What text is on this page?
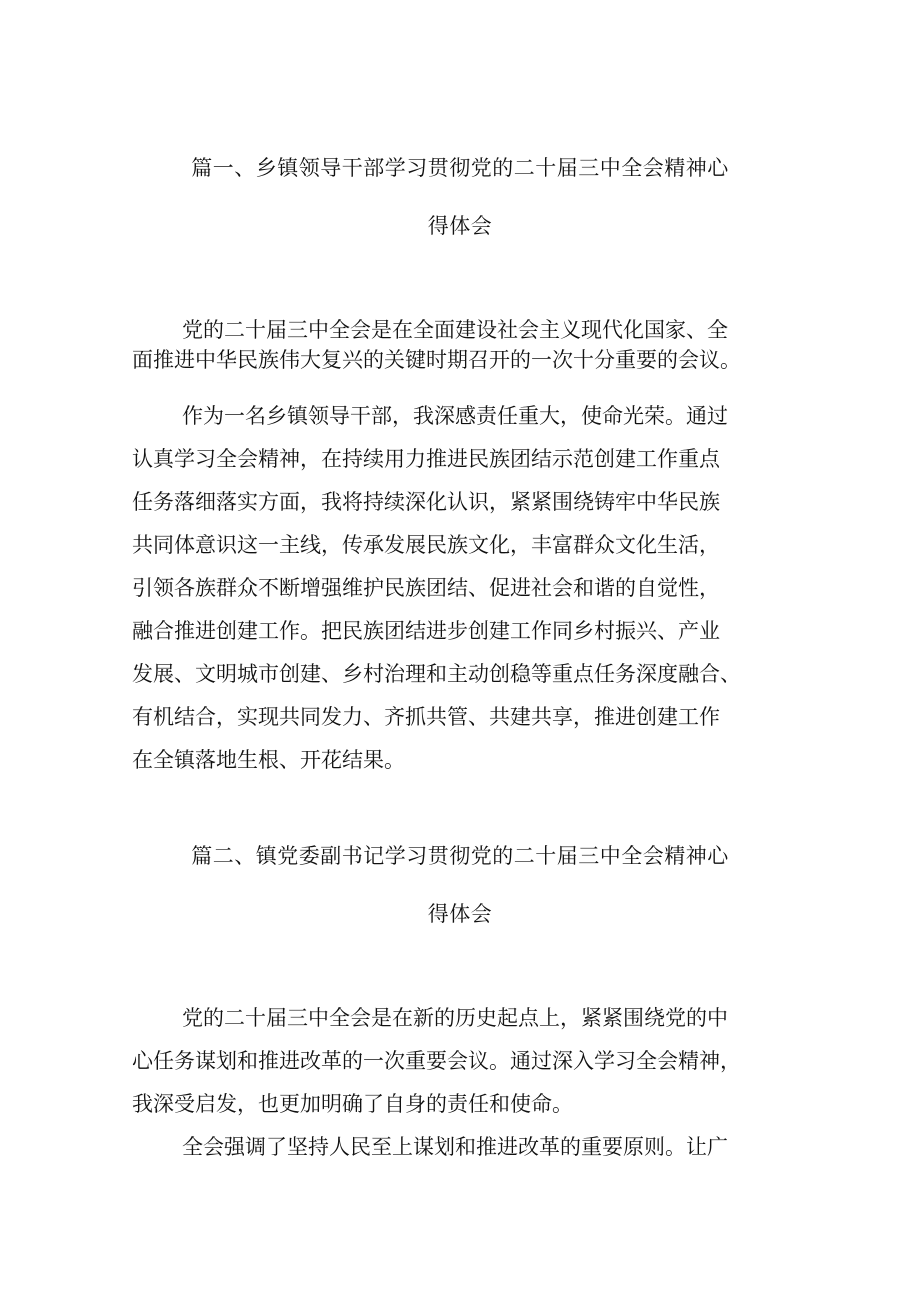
篇一、乡镇领导干部学习贯彻党的二十届三中全会精神心
得体会
党的二十届三中全会是在全面建设社会主义现代化国家、全
面推进中华民族伟大复兴的关键时期召开的一次十分重要的会议。
作为一名乡镇领导干部，我深感责任重大，使命光荣。通过
认真学习全会精神，在持续用力推进民族团结示范创建工作重点
任务落细落实方面，我将持续深化认识，紧紧围绕铸牢中华民族
共同体意识这一主线，传承发展民族文化，丰富群众文化生活，
引领各族群众不断增强维护民族团结、促进社会和谐的自觉性，
融合推进创建工作。把民族团结进步创建工作同乡村振兴、产业
发展、文明城市创建、乡村治理和主动创稳等重点任务深度融合、
有机结合，实现共同发力、齐抓共管、共建共享，推进创建工作
在全镇落地生根、开花结果。
篇二、镇党委副书记学习贯彻党的二十届三中全会精神心
得体会
党的二十届三中全会是在新的历史起点上，紧紧围绕党的中
心任务谋划和推进改革的一次重要会议。通过深入学习全会精神，
我深受启发，也更加明确了自身的责任和使命。
全会强调了坚持人民至上谋划和推进改革的重要原则。让广
